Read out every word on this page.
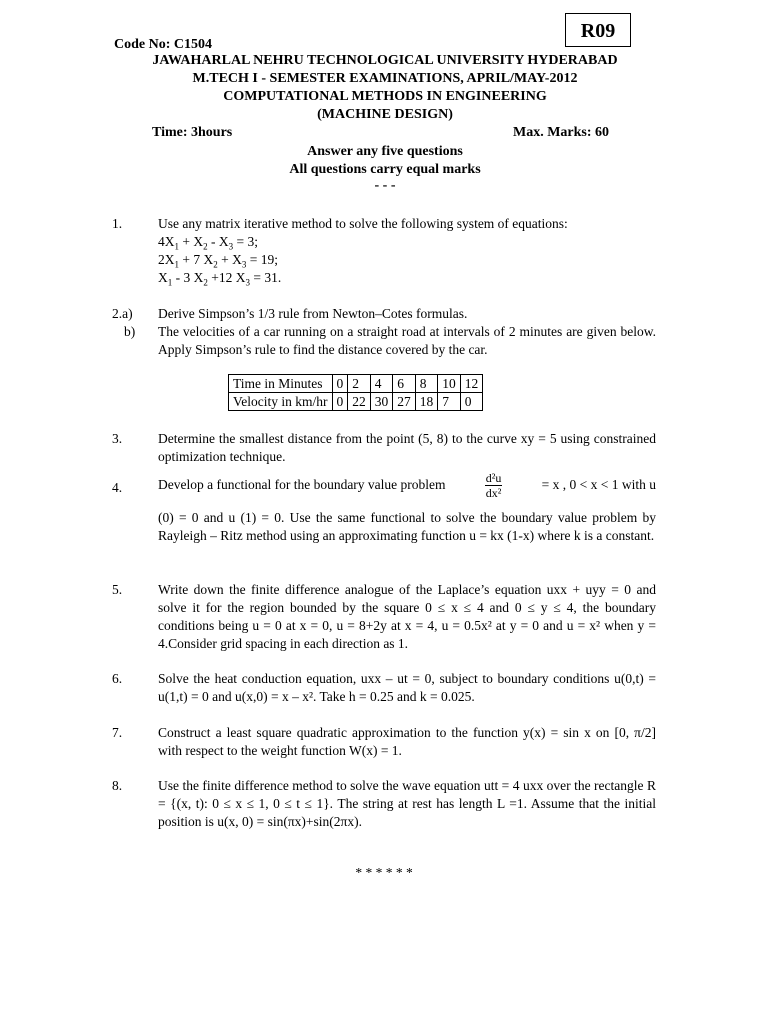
R09
Code No: C1504
JAWAHARLAL NEHRU TECHNOLOGICAL UNIVERSITY HYDERABAD
M.TECH I - SEMESTER EXAMINATIONS, APRIL/MAY-2012
COMPUTATIONAL METHODS IN ENGINEERING
(MACHINE DESIGN)
Time: 3hours	Max. Marks: 60
Answer any five questions
All questions carry equal marks
- - -
1.	Use any matrix iterative method to solve the following system of equations:
$4X_1 + X_2 - X_3 = 3$;
$2X_1 + 7$ $X_2 + X_3 = 19$;
$X_1 - 3$ $X_2 +12$ $X_3 = 31$.
2.a)	Derive Simpson’s 1/3 rule from Newton–Cotes formulas.
b)	The velocities of a car running on a straight road at intervals of 2 minutes are given below. Apply Simpson’s rule to find the distance covered by the car.
Time in Minutes	0	2	4	6	8	10	12
Velocity in km/hr	0	22	30	27	18	7	0
3.	Determine the smallest distance from the point (5, 8) to the curve xy = 5 using constrained optimization technique.
4.	Develop a functional for the boundary value problem	$\frac{\text{d²u}}{\text{dx²}}$	= x , 0 < x < 1 with u
(0) = 0 and u (1) = 0. Use the same functional to solve the boundary value problem by Rayleigh – Ritz method using an approximating function u = kx (1-x) where k is a constant.
5.	Write down the finite difference analogue of the Laplace’s equation uxx + uyy = 0 and solve it for the region bounded by the square 0 ≤ x ≤ 4 and 0 ≤ y ≤ 4, the boundary conditions being u = 0 at x = 0, u = 8+2y at x = 4, u = 0.5x² at y = 0 and u = x² when y = 4.Consider grid spacing in each direction as 1.
6.	Solve the heat conduction equation, uxx – ut = 0, subject to boundary conditions u(0,t) = u(1,t) = 0 and u(x,0) = x – x². Take h = 0.25 and k = 0.025.
7.	Construct a least square quadratic approximation to the function y(x) = sin x on [0, π/2] with respect to the weight function W(x) = 1.
8.	Use the finite difference method to solve the wave equation utt = 4 uxx over the rectangle R = {(x, t): 0 ≤ x ≤ 1, 0 ≤ t ≤ 1}. The string at rest has length L =1. Assume that the initial position is u(x, 0) = sin(πx)+sin(2πx).
* * * * * *
